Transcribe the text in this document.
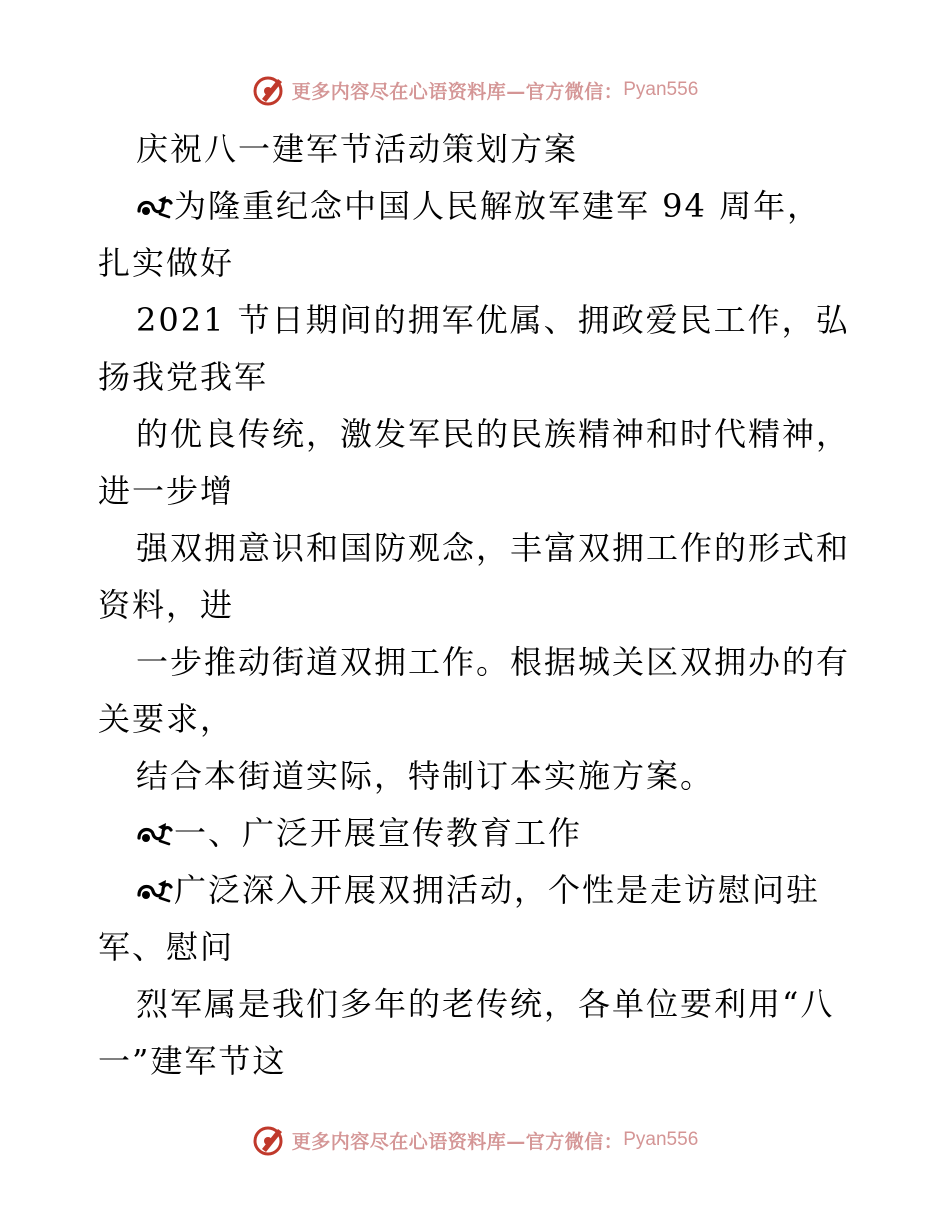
更多内容尽在心语资料库—官方微信： Pyan556
庆祝八一建军节活动策划方案
为隆重纪念中国人民解放军建军 94 周年，
扎实做好
2021 节日期间的拥军优属、拥政爱民工作，弘
扬我党我军
的优良传统，激发军民的民族精神和时代精神，
进一步增
强双拥意识和国防观念，丰富双拥工作的形式和
资料，进
一步推动街道双拥工作。根据城关区双拥办的有
关要求，
结合本街道实际，特制订本实施方案。
一、广泛开展宣传教育工作
广泛深入开展双拥活动，个性是走访慰问驻
军、慰问
烈军属是我们多年的老传统，各单位要利用“八
一”建军节这
更多内容尽在心语资料库—官方微信： Pyan556
